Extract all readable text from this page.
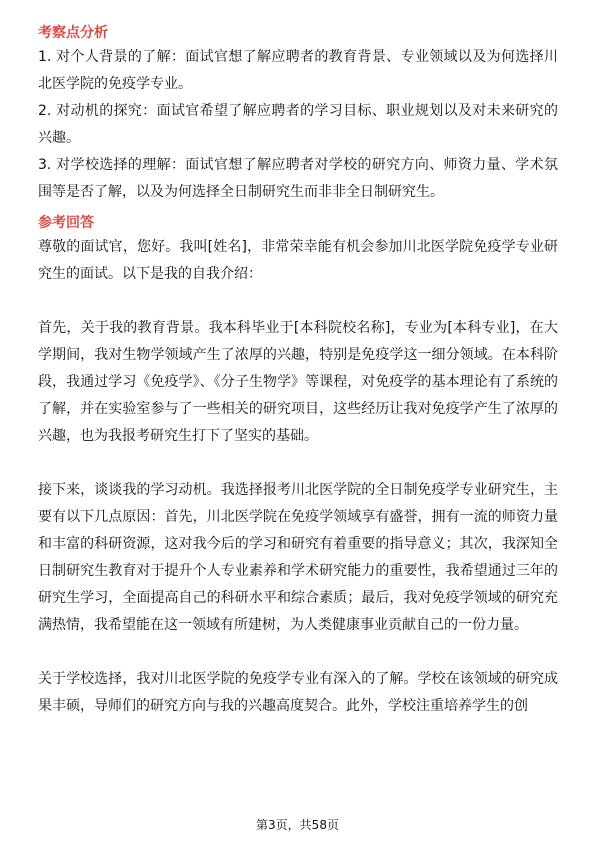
考察点分析

1. 对个人背景的了解：面试官想了解应聘者的教育背景、专业领域以及为何选择川北医学院的免疫学专业。

2. 对动机的探究：面试官希望了解应聘者的学习目标、职业规划以及对未来研究的兴趣。

3. 对学校选择的理解：面试官想了解应聘者对学校的研究方向、师资力量、学术氛围等是否了解，以及为何选择全日制研究生而非非全日制研究生。

参考回答

尊敬的面试官，您好。我叫[姓名]，非常荣幸能有机会参加川北医学院免疫学专业研究生的面试。以下是我的自我介绍：

首先，关于我的教育背景。我本科毕业于[本科院校名称]，专业为[本科专业]，在大学期间，我对生物学领域产生了浓厚的兴趣，特别是免疫学这一细分领域。在本科阶段，我通过学习《免疫学》、《分子生物学》等课程，对免疫学的基本理论有了系统的了解，并在实验室参与了一些相关的研究项目，这些经历让我对免疫学产生了浓厚的兴趣，也为我报考研究生打下了坚实的基础。

接下来，谈谈我的学习动机。我选择报考川北医学院的全日制免疫学专业研究生，主要有以下几点原因：首先，川北医学院在免疫学领域享有盛誉，拥有一流的师资力量和丰富的科研资源，这对我今后的学习和研究有着重要的指导意义；其次，我深知全日制研究生教育对于提升个人专业素养和学术研究能力的重要性，我希望通过三年的研究生学习，全面提高自己的科研水平和综合素质；最后，我对免疫学领域的研究充满热情，我希望能在这一领域有所建树，为人类健康事业贡献自己的一份力量。

关于学校选择，我对川北医学院的免疫学专业有深入的了解。学校在该领域的研究成果丰硕，导师们的研究方向与我的兴趣高度契合。此外，学校注重培养学生的创

第3页，共58页
